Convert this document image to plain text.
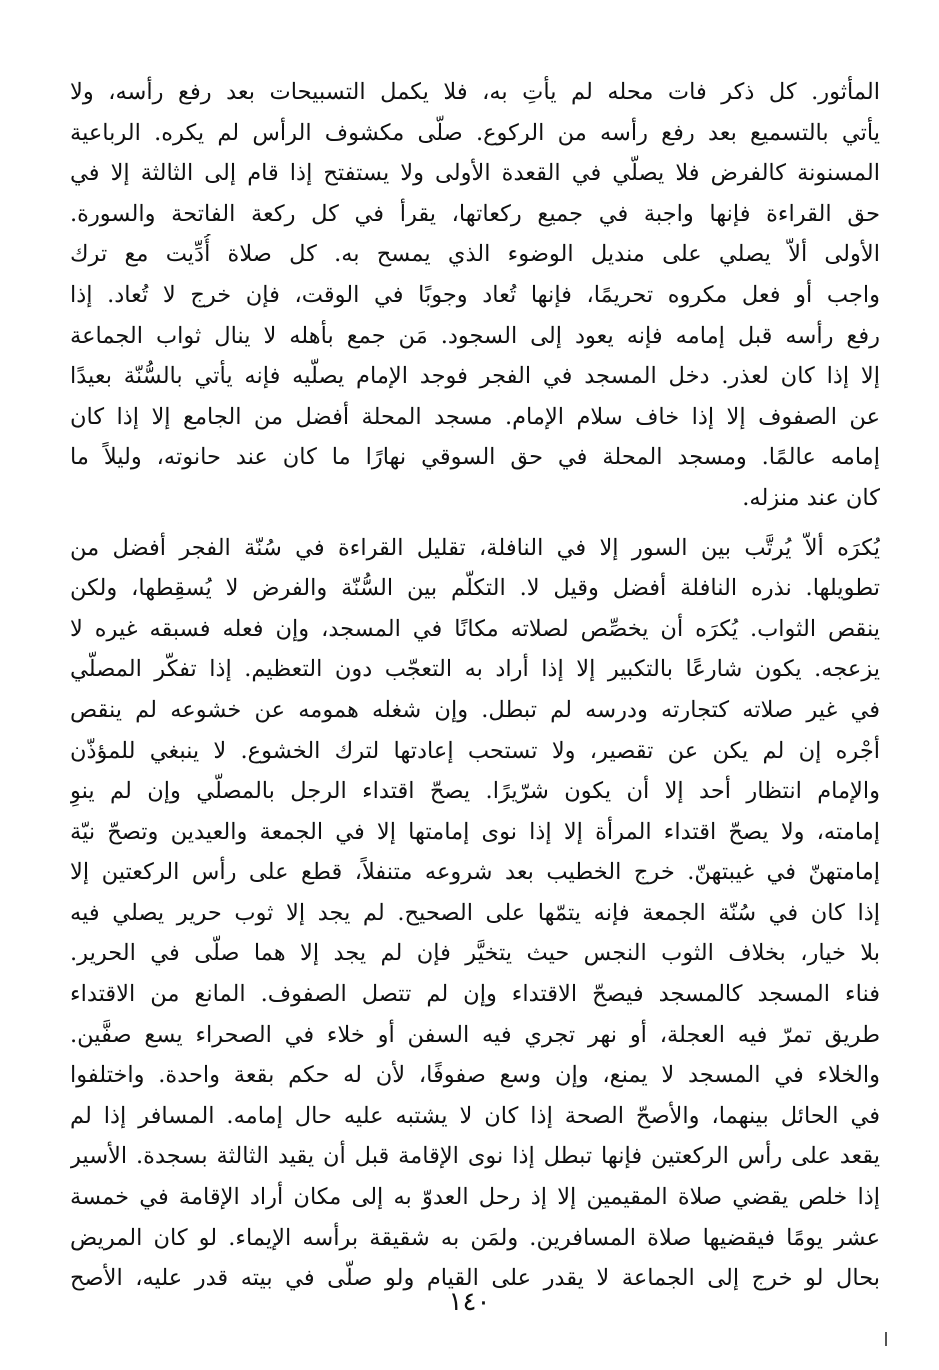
المأثور. كل ذكر فات محله لم يأتِ به، فلا يكمل التسبيحات بعد رفع رأسه، ولا
يأتي بالتسميع بعد رفع رأسه من الركوع. صلّى مكشوف الرأس لم يكره. الرباعية
المسنونة كالفرض فلا يصلّي في القعدة الأولى ولا يستفتح إذا قام إلى الثالثة إلا في
حق القراءة فإنها واجبة في جميع ركعاتها، يقرأ في كل ركعة الفاتحة والسورة.
الأولى ألاّ يصلي على منديل الوضوء الذي يمسح به. كل صلاة أُدِّيت مع ترك
واجب أو فعل مكروه تحريمًا، فإنها تُعاد وجوبًا في الوقت، فإن خرج لا تُعاد. إذا
رفع رأسه قبل إمامه فإنه يعود إلى السجود. مَن جمع بأهله لا ينال ثواب الجماعة
إلا إذا كان لعذر. دخل المسجد في الفجر فوجد الإمام يصلّيه فإنه يأتي بالسُّنّة بعيدًا
عن الصفوف إلا إذا خاف سلام الإمام. مسجد المحلة أفضل من الجامع إلا إذا كان
إمامه عالمًا. ومسجد المحلة في حق السوقي نهارًا ما كان عند حانوته، وليلاً ما
كان عند منزله.
يُكرَه ألاّ يُرتَّب بين السور إلا في النافلة، تقليل القراءة في سُنّة الفجر أفضل من
تطويلها. نذره النافلة أفضل وقيل لا. التكلّم بين السُّنّة والفرض لا يُسقِطها، ولكن
ينقص الثواب. يُكرَه أن يخصِّص لصلاته مكانًا في المسجد، وإن فعله فسبقه غيره لا
يزعجه. يكون شارعًا بالتكبير إلا إذا أراد به التعجّب دون التعظيم. إذا تفكّر المصلّي
في غير صلاته كتجارته ودرسه لم تبطل. وإن شغله همومه عن خشوعه لم ينقص
أجْره إن لم يكن عن تقصير، ولا تستحب إعادتها لترك الخشوع. لا ينبغي للمؤذّن
والإمام انتظار أحد إلا أن يكون شرّيرًا. يصحّ اقتداء الرجل بالمصلّي وإن لم ينوِ
إمامته، ولا يصحّ اقتداء المرأة إلا إذا نوى إمامتها إلا في الجمعة والعيدين وتصحّ نيّة
إمامتهنّ في غيبتهنّ. خرج الخطيب بعد شروعه متنفلاً، قطع على رأس الركعتين إلا
إذا كان في سُنّة الجمعة فإنه يتمّها على الصحيح. لم يجد إلا ثوب حرير يصلي فيه
بلا خيار، بخلاف الثوب النجس حيث يتخيَّر فإن لم يجد إلا هما صلّى في الحرير.
فناء المسجد كالمسجد فيصحّ الاقتداء وإن لم تتصل الصفوف. المانع من الاقتداء
طريق تمرّ فيه العجلة، أو نهر تجري فيه السفن أو خلاء في الصحراء يسع صفَّين.
والخلاء في المسجد لا يمنع، وإن وسع صفوفًا، لأن له حكم بقعة واحدة. واختلفوا
في الحائل بينهما، والأصحّ الصحة إذا كان لا يشتبه عليه حال إمامه. المسافر إذا لم
يقعد على رأس الركعتين فإنها تبطل إذا نوى الإقامة قبل أن يقيد الثالثة بسجدة. الأسير
إذا خلص يقضي صلاة المقيمين إلا إذ رحل العدوّ به إلى مكان أراد الإقامة في خمسة
عشر يومًا فيقضيها صلاة المسافرين. ولمَن به شقيقة برأسه الإيماء. لو كان المريض
بحال لو خرج إلى الجماعة لا يقدر على القيام ولو صلّى في بيته قدر عليه، الأصح
١٤٠
